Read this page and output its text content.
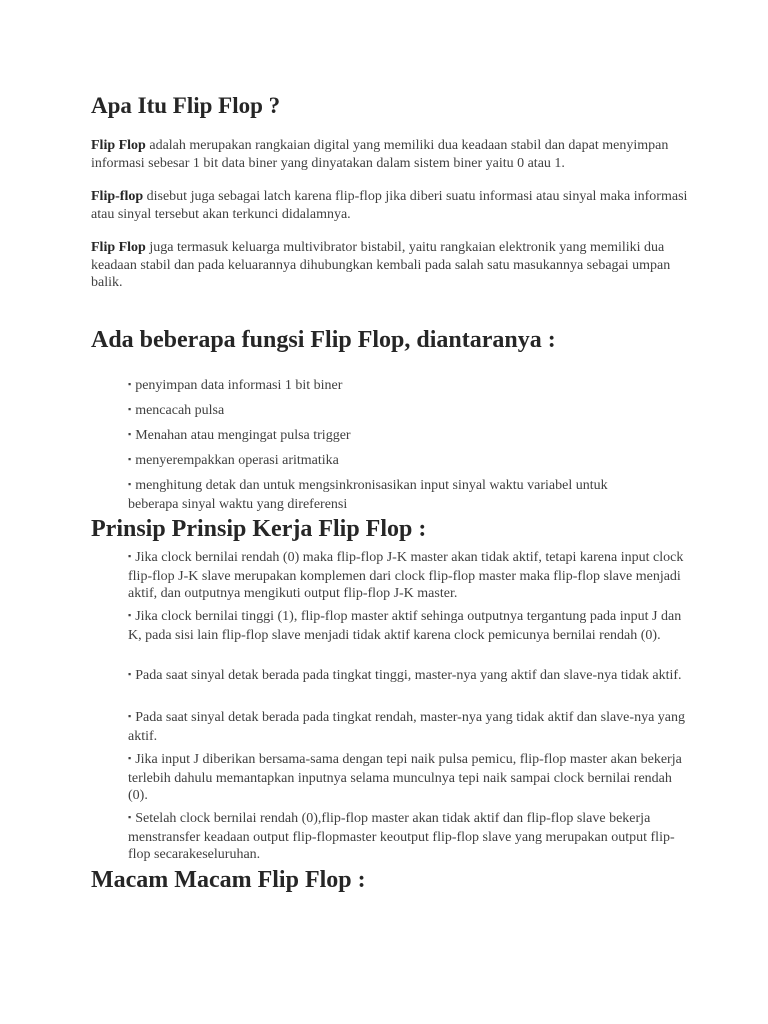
Apa Itu Flip Flop ?

Flip Flop adalah merupakan rangkaian digital yang memiliki dua keadaan stabil dan dapat menyimpan informasi sebesar 1 bit data biner yang dinyatakan dalam sistem biner yaitu 0 atau 1.

Flip-flop disebut juga sebagai latch karena flip-flop jika diberi suatu informasi atau sinyal maka informasi atau sinyal tersebut akan terkunci didalamnya.

Flip Flop juga termasuk keluarga multivibrator bistabil, yaitu rangkaian elektronik yang memiliki dua keadaan stabil dan pada keluarannya dihubungkan kembali pada salah satu masukannya sebagai umpan balik.

Ada beberapa fungsi Flip Flop, diantaranya :

▪ penyimpan data informasi 1 bit biner

▪ mencacah pulsa

▪ Menahan atau mengingat pulsa trigger

▪ menyerempakkan operasi aritmatika

▪ menghitung detak dan untuk mengsinkronisasikan input sinyal waktu variabel untuk beberapa sinyal waktu yang direferensi

Prinsip Prinsip Kerja Flip Flop :

▪ Jika clock bernilai rendah (0) maka flip-flop J-K master akan tidak aktif, tetapi karena input clock flip-flop J-K slave merupakan komplemen dari clock flip-flop master maka flip-flop slave menjadi aktif, dan outputnya mengikuti output flip-flop J-K master.

▪ Jika clock bernilai tinggi (1), flip-flop master aktif sehinga outputnya tergantung pada input J dan K, pada sisi lain flip-flop slave menjadi tidak aktif karena clock pemicunya bernilai rendah (0).

▪ Pada saat sinyal detak berada pada tingkat tinggi, master-nya yang aktif dan slave-nya tidak aktif.

▪ Pada saat sinyal detak berada pada tingkat rendah, master-nya yang tidak aktif dan slave-nya yang aktif.

▪ Jika input J diberikan bersama-sama dengan tepi naik pulsa pemicu, flip-flop master akan bekerja terlebih dahulu memantapkan inputnya selama munculnya tepi naik sampai clock bernilai rendah (0).

▪ Setelah clock bernilai rendah (0),flip-flop master akan tidak aktif dan flip-flop slave bekerja menstransfer keadaan output flip-flopmaster keoutput flip-flop slave yang merupakan output flip-flop secarakeseluruhan.

Macam Macam Flip Flop :
